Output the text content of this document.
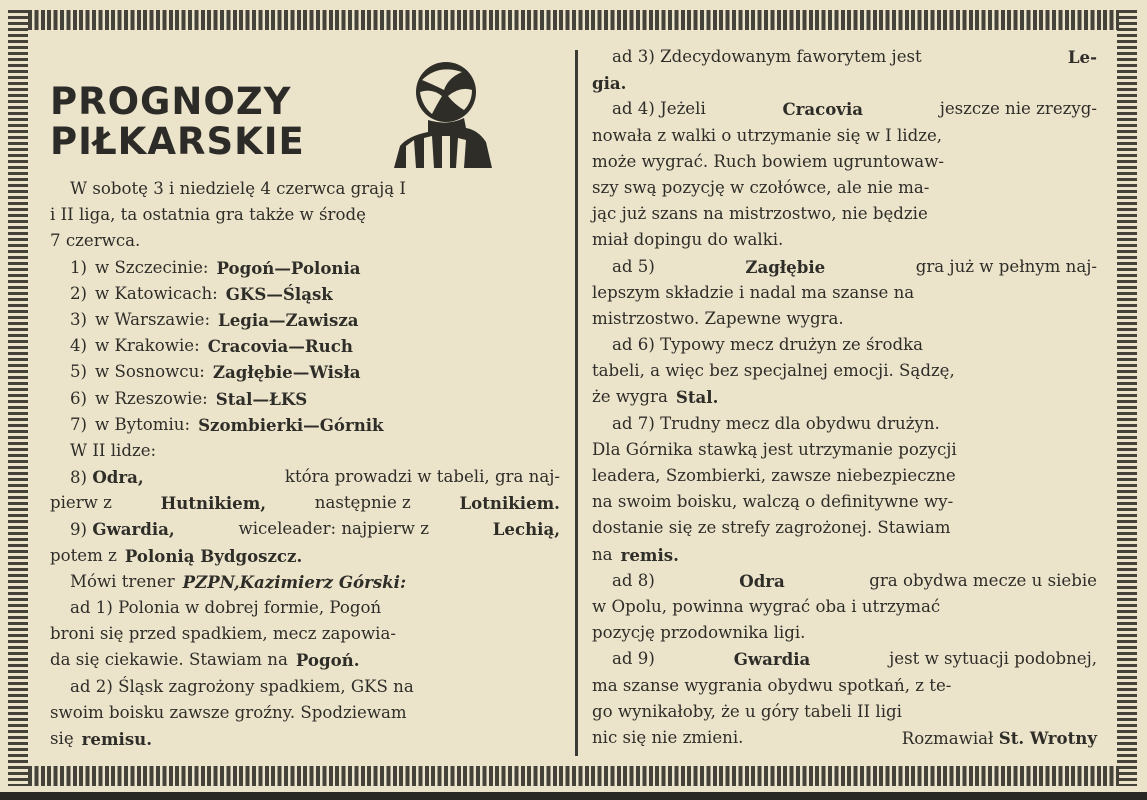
PROGNOZY
PIŁKARSKIE
W sobotę 3 i niedzielę 4 czerwca grają I
i II liga, ta ostatnia gra także w środę
7 czerwca.
1) w Szczecinie: Pogoń—Polonia
2) w Katowicach: GKS—Śląsk
3) w Warszawie: Legia—Zawisza
4) w Krakowie: Cracovia—Ruch
5) w Sosnowcu: Zagłębie—Wisła
6) w Rzeszowie: Stal—ŁKS
7) w Bytomiu: Szombierki—Górnik
W II lidze:
8) Odra,	która prowadzi w tabeli, gra naj-
pierw z	Hutnikiem,	następnie z	Lotnikiem.
9) Gwardia,	wiceleader: najpierw z	Lechią,
potem z Polonią Bydgoszcz.
Mówi trener PZPN, Kazimierz Górski:
ad 1) Polonia w dobrej formie, Pogoń
broni się przed spadkiem, mecz zapowia-
da się ciekawie. Stawiam na Pogoń.
ad 2) Śląsk zagrożony spadkiem, GKS na
swoim boisku zawsze groźny. Spodziewam
się remisu.
ad 3) Zdecydowanym faworytem jest	Le-
gia.
ad 4) Jeżeli	Cracovia	jeszcze nie zrezyg-
nowała z walki o utrzymanie się w I lidze,
może wygrać. Ruch bowiem ugruntowaw-
szy swą pozycję w czołówce, ale nie ma-
jąc już szans na mistrzostwo, nie będzie
miał dopingu do walki.
ad 5)	Zagłębie	gra już w pełnym naj-
lepszym składzie i nadal ma szanse na
mistrzostwo. Zapewne wygra.
ad 6) Typowy mecz drużyn ze środka
tabeli, a więc bez specjalnej emocji. Sądzę,
że wygra Stal.
ad 7) Trudny mecz dla obydwu drużyn.
Dla Górnika stawką jest utrzymanie pozycji
leadera, Szombierki, zawsze niebezpieczne
na swoim boisku, walczą o definitywne wy-
dostanie się ze strefy zagrożonej. Stawiam
na remis.
ad 8)	Odra	gra obydwa mecze u siebie
w Opolu, powinna wygrać oba i utrzymać
pozycję przodownika ligi.
ad 9)	Gwardia	jest w sytuacji podobnej,
ma szanse wygrania obydwu spotkań, z te-
go wynikałoby, że u góry tabeli II ligi
nic się nie zmieni.	Rozmawiał St. Wrotny
